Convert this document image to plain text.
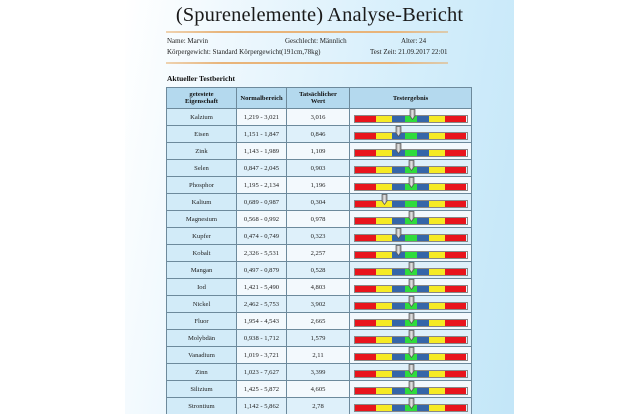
(Spurenelemente) Analyse-Bericht
Name: Marvin	Geschlecht: Männlich	Alter: 24
Körpergewicht: Standard Körpergewicht(191cm,78kg)	Test Zeit: 21.09.2017 22:01
Aktueller Testbericht
getestete
Eigenschaft	Normalbereich	Tatsächlicher
Wert	Testergebnis
Kalzium	1,219 - 3,021	3,016	

Eisen	1,151 - 1,847	0,846	

Zink	1,143 - 1,989	1,109	

Selen	0,847 - 2,045	0,903	

Phosphor	1,195 - 2,134	1,196	

Kalium	0,689 - 0,987	0,304	

Magnesium	0,568 - 0,992	0,978	

Kupfer	0,474 - 0,749	0,323	

Kobalt	2,326 - 5,531	2,257	

Mangan	0,497 - 0,879	0,528	

Iod	1,421 - 5,490	4,803	

Nickel	2,462 - 5,753	3,902	

Fluor	1,954 - 4,543	2,665	

Molybdän	0,938 - 1,712	1,579	

Vanadium	1,019 - 3,721	2,11	

Zinn	1,023 - 7,627	3,399	

Silizium	1,425 - 5,872	4,605	

Strontium	1,142 - 5,862	2,78	
